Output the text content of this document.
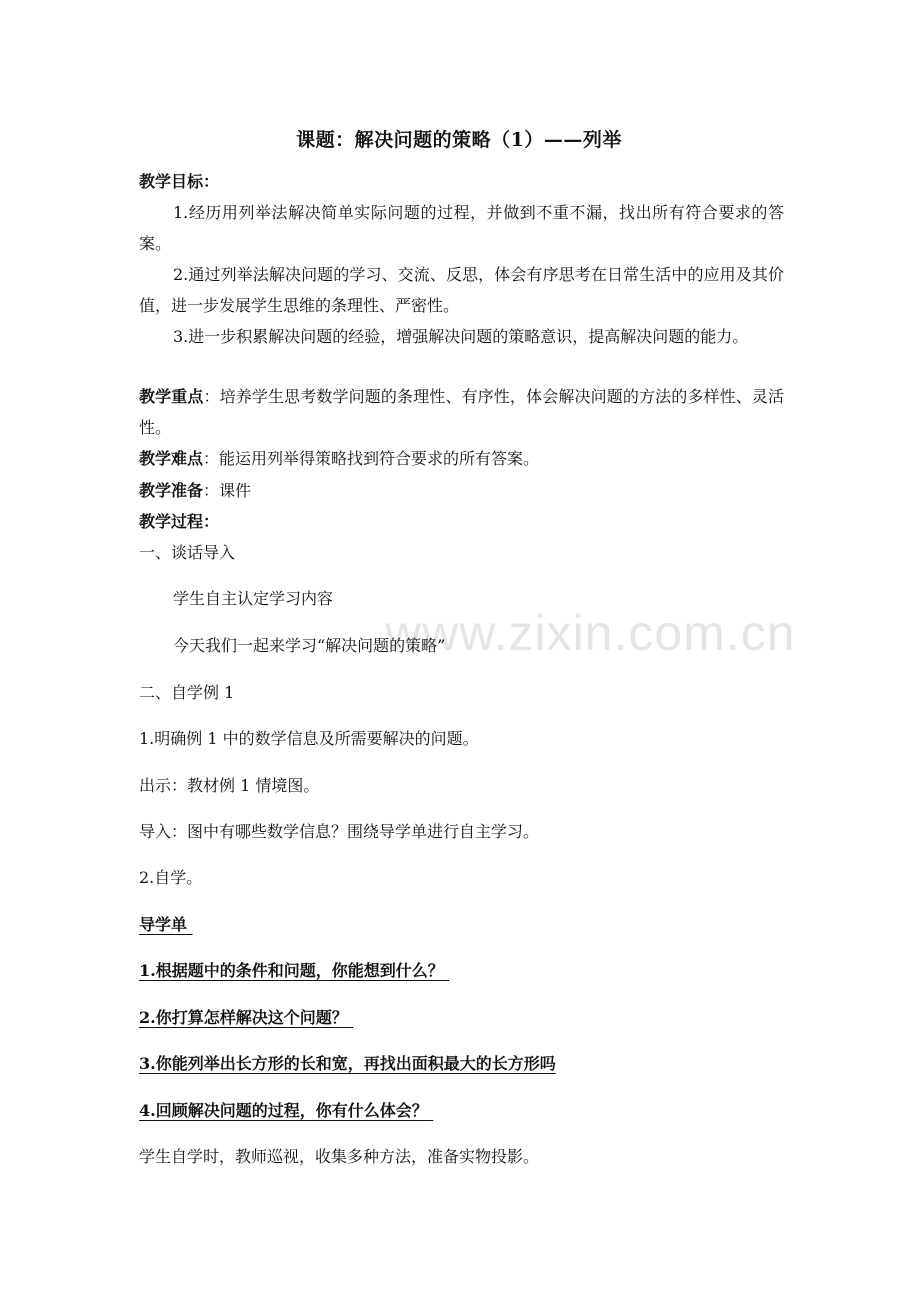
www.zixin.com.cn
课题：解决问题的策略（1）——列举
教学目标：
1.经历用列举法解决简单实际问题的过程，并做到不重不漏，找出所有符合要求的答案。
2.通过列举法解决问题的学习、交流、反思，体会有序思考在日常生活中的应用及其价值，进一步发展学生思维的条理性、严密性。
3.进一步积累解决问题的经验，增强解决问题的策略意识，提高解决问题的能力。
教学重点：培养学生思考数学问题的条理性、有序性，体会解决问题的方法的多样性、灵活性。
教学难点：能运用列举得策略找到符合要求的所有答案。
教学准备：课件
教学过程：
一、谈话导入
学生自主认定学习内容
今天我们一起来学习“解决问题的策略”
二、自学例 1
1.明确例 1 中的数学信息及所需要解决的问题。
出示：教材例 1 情境图。
导入：图中有哪些数学信息？围绕导学单进行自主学习。
2.自学。
导学单
1.根据题中的条件和问题，你能想到什么？
2.你打算怎样解决这个问题？
3.你能列举出长方形的长和宽，再找出面积最大的长方形吗
4.回顾解决问题的过程，你有什么体会？
学生自学时，教师巡视，收集多种方法，准备实物投影。
